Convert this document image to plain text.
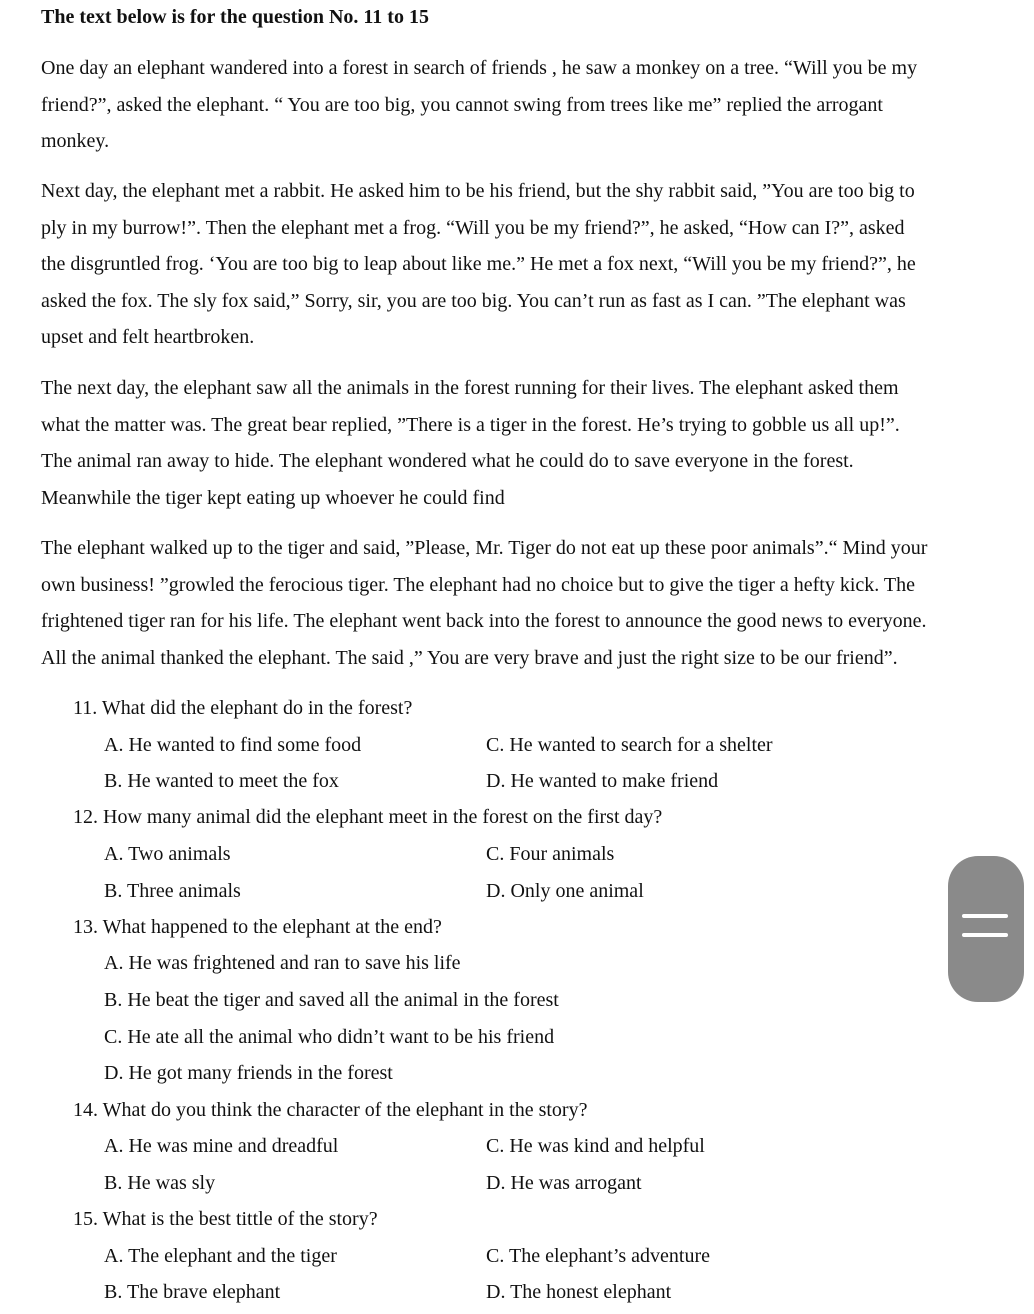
The text below is for the question No. 11 to 15

One day an elephant wandered into a forest in search of friends , he saw a monkey on a tree. “Will you be my
friend?”, asked the elephant. “ You are too big, you cannot swing from trees like me” replied the arrogant
monkey.

Next day, the elephant met a rabbit. He asked him to be his friend, but the shy rabbit said, ”You are too big to
ply in my burrow!”. Then the elephant met a frog. “Will you be my friend?”, he asked, “How can I?”, asked
the disgruntled frog. ‘You are too big to leap about like me.” He met a fox next, “Will you be my friend?”, he
asked the fox. The sly fox said,” Sorry, sir, you are too big. You can’t run as fast as I can. ”The elephant was
upset and felt heartbroken.

The next day, the elephant saw all the animals in the forest running for their lives. The elephant asked them
what the matter was. The great bear replied, ”There is a tiger in the forest. He’s trying to gobble us all up!”.
The animal ran away to hide. The elephant wondered what he could do to save everyone in the forest.
Meanwhile the tiger kept eating up whoever he could find

The elephant walked up to the tiger and said, ”Please, Mr. Tiger do not eat up these poor animals”.“ Mind your
own business! ”growled the ferocious tiger. The elephant had no choice but to give the tiger a hefty kick. The
frightened tiger ran for his life. The elephant went back into the forest to announce the good news to everyone.
All the animal thanked the elephant. The said ,” You are very brave and just the right size to be our friend”.

11. What did the elephant do in the forest?
A. He wanted to find some food	C. He wanted to search for a shelter
B. He wanted to meet the fox	D. He wanted to make friend
12. How many animal did the elephant meet in the forest on the first day?
A. Two animals	C. Four animals
B. Three animals	D. Only one animal
13. What happened to the elephant at the end?
A. He was frightened and ran to save his life
B. He beat the tiger and saved all the animal in the forest
C. He ate all the animal who didn’t want to be his friend
D. He got many friends in the forest
14. What do you think the character of the elephant in the story?
A. He was mine and dreadful	C. He was kind and helpful
B. He was sly	D. He was arrogant
15. What is the best tittle of the story?
A. The elephant and the tiger	C. The elephant’s adventure
B. The brave elephant	D. The honest elephant
